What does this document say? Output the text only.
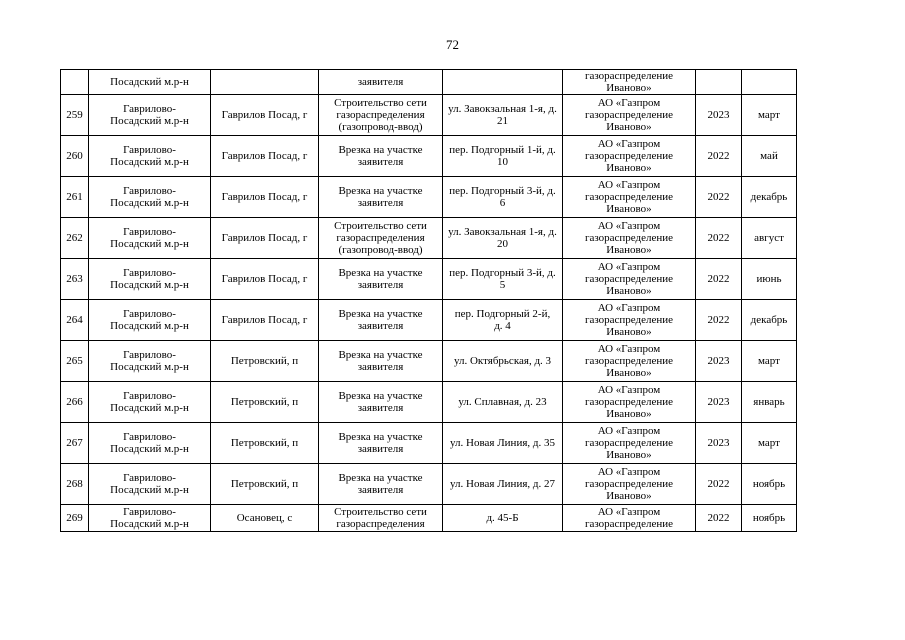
72

	Посадский м.р-н		заявителя		газораспределение
Иваново»		

259	Гаврилово-
Посадский м.р-н	Гаврилов Посад, г	Строительство сети
газораспределения
(газопровод-ввод)	ул. Завокзальная 1-я, д.
21	АО «Газпром
газораспределение
Иваново»	2023	март
260	Гаврилово-
Посадский м.р-н	Гаврилов Посад, г	Врезка на участке
заявителя	пер. Подгорный 1-й, д.
10	АО «Газпром
газораспределение
Иваново»	2022	май
261	Гаврилово-
Посадский м.р-н	Гаврилов Посад, г	Врезка на участке
заявителя	пер. Подгорный 3-й, д.
6	АО «Газпром
газораспределение
Иваново»	2022	декабрь
262	Гаврилово-
Посадский м.р-н	Гаврилов Посад, г	Строительство сети
газораспределения
(газопровод-ввод)	ул. Завокзальная 1-я, д.
20	АО «Газпром
газораспределение
Иваново»	2022	август
263	Гаврилово-
Посадский м.р-н	Гаврилов Посад, г	Врезка на участке
заявителя	пер. Подгорный 3-й, д.
5	АО «Газпром
газораспределение
Иваново»	2022	июнь
264	Гаврилово-
Посадский м.р-н	Гаврилов Посад, г	Врезка на участке
заявителя	пер. Подгорный 2-й,
д. 4	АО «Газпром
газораспределение
Иваново»	2022	декабрь
265	Гаврилово-
Посадский м.р-н	Петровский, п	Врезка на участке
заявителя	ул. Октябрьская, д. 3	АО «Газпром
газораспределение
Иваново»	2023	март
266	Гаврилово-
Посадский м.р-н	Петровский, п	Врезка на участке
заявителя	ул. Сплавная, д. 23	АО «Газпром
газораспределение
Иваново»	2023	январь
267	Гаврилово-
Посадский м.р-н	Петровский, п	Врезка на участке
заявителя	ул. Новая Линия, д. 35	АО «Газпром
газораспределение
Иваново»	2023	март
268	Гаврилово-
Посадский м.р-н	Петровский, п	Врезка на участке
заявителя	ул. Новая Линия, д. 27	АО «Газпром
газораспределение
Иваново»	2022	ноябрь
269	Гаврилово-
Посадский м.р-н	Осановец, с	Строительство сети
газораспределения	д. 45-Б	АО «Газпром
газораспределение	2022	ноябрь
